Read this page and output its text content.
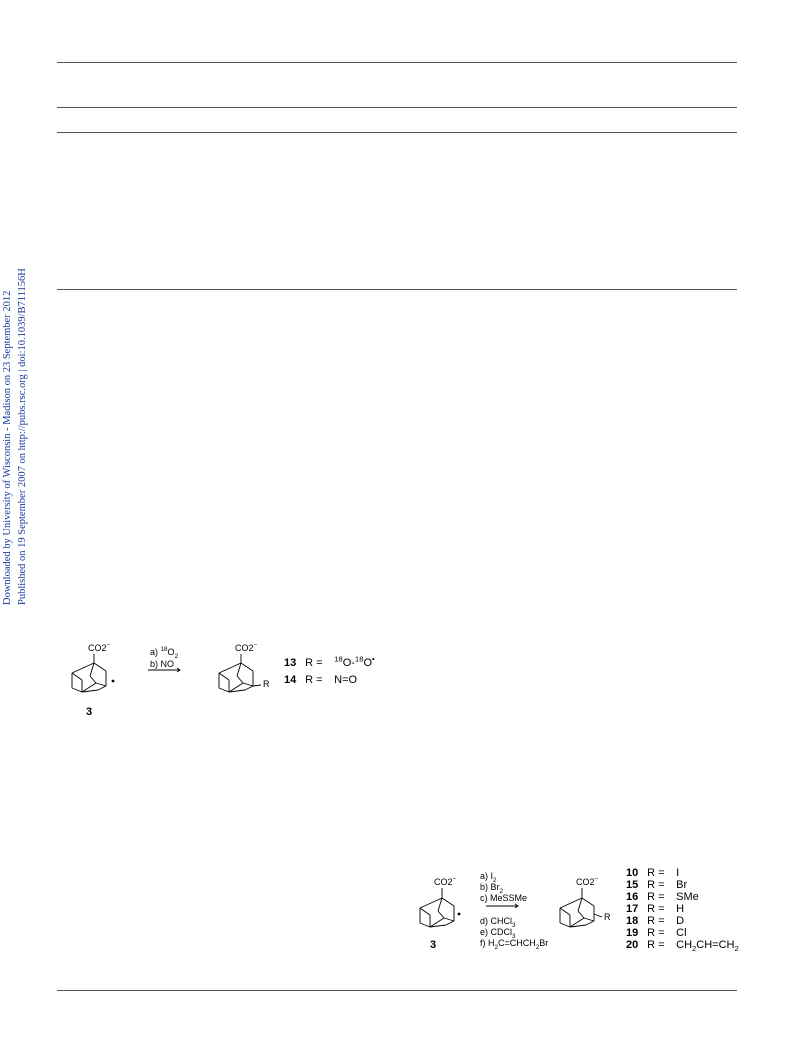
Downloaded by University of Wisconsin - Madison on 23 September 2012 Published on 19 September 2007 on http://pubs.rsc.org | doi:10.1039/B711156H
CO2−
3
a) $^{18}O_2$
b) NO
CO2−
R
13 R = $^{18}$O-$^{18}$O•
14 R = N=O
CO2−
3
a) $I_2$
b) $Br_2$
c) MeSSMe
d) CHCl$_3$
e) CDCl$_3$
f) $H_2C=CHCH_2Br$
CO2−
R
10 R = I
15 R = Br
16 R = SMe
17 R = H
18 R = D
19 R = Cl
20 $R = CH_2CH=CH_2$
